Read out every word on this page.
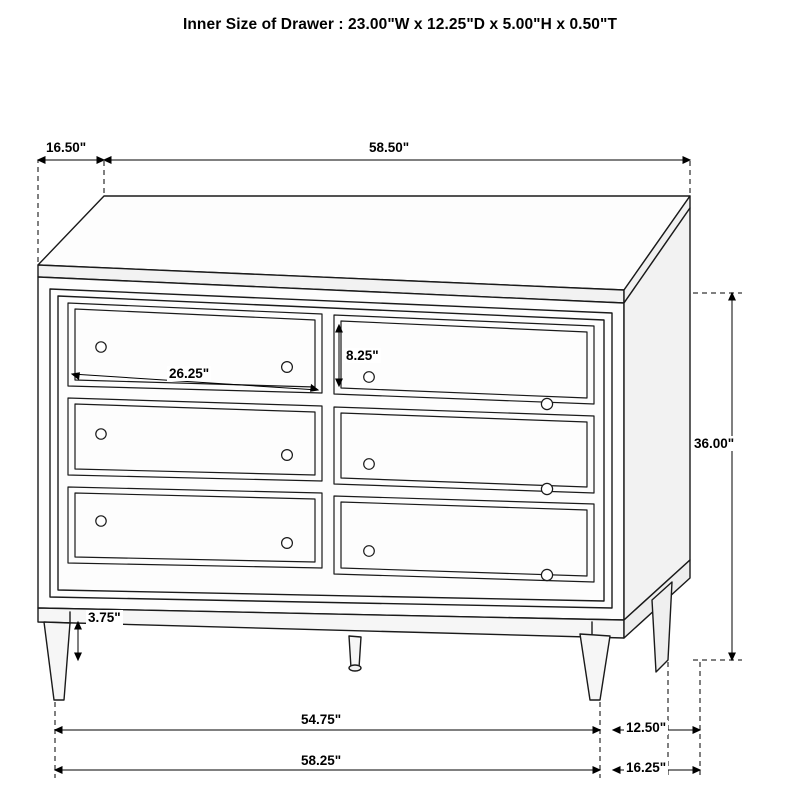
Inner Size of Drawer : 23.00"W x 12.25"D x 5.00"H x 0.50"T
16.50"	58.50"
26.25"
8.25"
36.00"
3.75"
54.75"
12.50"
58.25"	16.25"
